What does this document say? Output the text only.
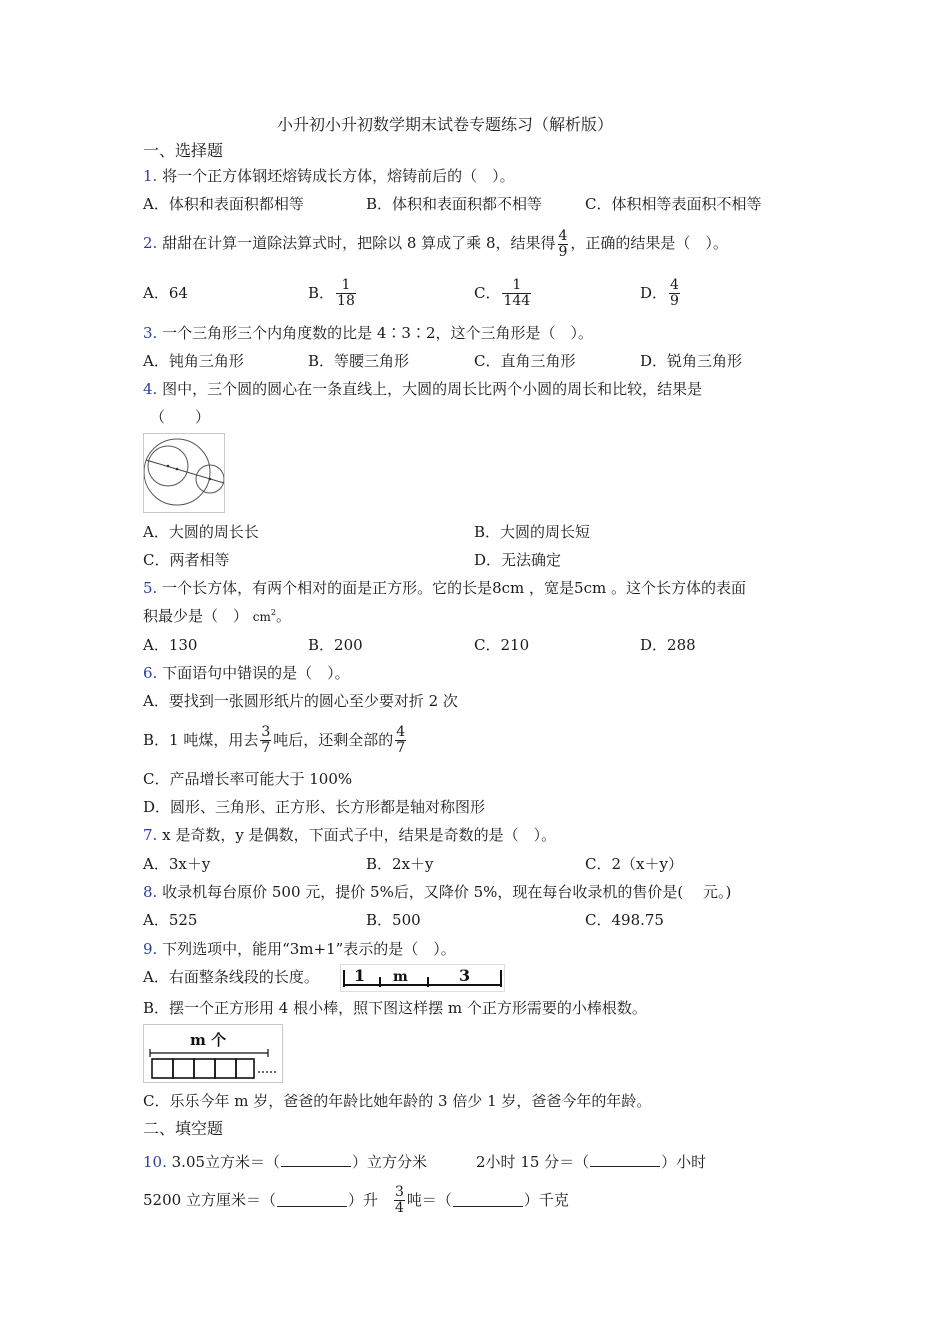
小升初小升初数学期末试卷专题练习（解析版）
一、选择题
1. 将一个正方体钢坯熔铸成长方体，熔铸前后的（　）。
A．体积和表面积都相等	B．体积和表面积都不相等	C．体积相等表面积不相等
2. 甜甜在计算一道除法算式时，把除以 8 算成了乘 8，结果得 $\frac{4}{9}$ ，正确的结果是（　）。
A．64	B． $\frac{1}{18}$	C． $\frac{1}{144}$	D． $\frac{4}{9}$
3. 一个三角形三个内角度数的比是 4∶3∶2，这个三角形是（　）。
A．钝角三角形	B．等腰三角形	C．直角三角形	D．锐角三角形
4. 图中，三个圆的圆心在一条直线上，大圆的周长比两个小圆的周长和比较，结果是
（　　）
A．大圆的周长长	B．大圆的周长短
C．两者相等	D．无法确定
5. 一个长方体，有两个相对的面是正方形。它的长是8cm ，宽是5cm 。这个长方体的表面
积最少是（　） $cm^2$。
A．130	B．200	C．210	D．288
6. 下面语句中错误的是（　）。
A．要找到一张圆形纸片的圆心至少要对折 2 次
B．1 吨煤，用去 $\frac{3}{7}$ 吨后，还剩全部的 $\frac{4}{7}$
C．产品增长率可能大于 100%
D．圆形、三角形、正方形、长方形都是轴对称图形
7. x 是奇数，y 是偶数，下面式子中，结果是奇数的是（　）。
A．3x＋y	B．2x＋y	C．2（x＋y）
8. 收录机每台原价 500 元，提价 5%后，又降价 5%，现在每台收录机的售价是(　 元。)
A．525	B．500	C．498.75
9. 下列选项中，能用“3m+1”表示的是（　）。
A．右面整条线段的长度。 1 m	3
B．摆一个正方形用 4 根小棒，照下图这样摆 m 个正方形需要的小棒根数。
m 个
C．乐乐今年 m 岁，爸爸的年龄比她年龄的 3 倍少 1 岁，爸爸今年的年龄。
二、填空题
10. 3.05立方米＝（	）立方分米	2小时 15 分＝（	）小时
5200 立方厘米＝（	）升 $\frac{3}{4}$ 吨＝（	）千克
